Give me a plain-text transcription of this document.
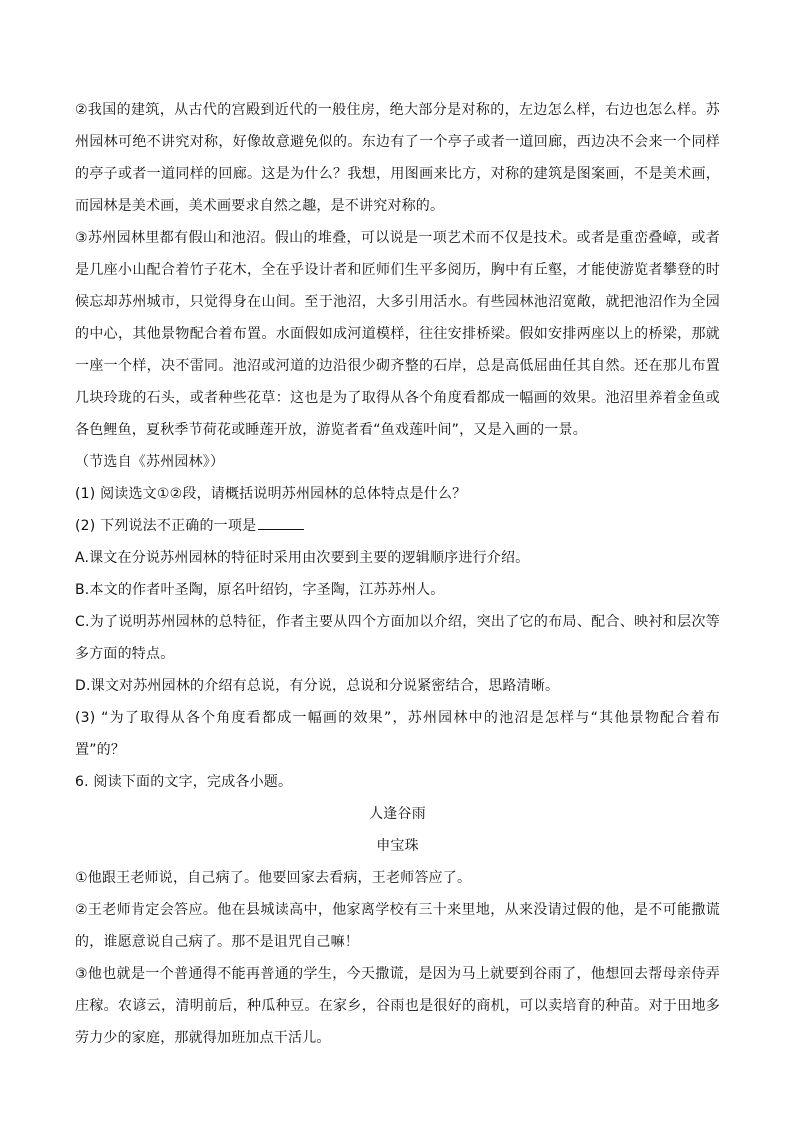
②我国的建筑，从古代的宫殿到近代的一般住房，绝大部分是对称的，左边怎么样，右边也怎么样。苏州园林可绝不讲究对称，好像故意避免似的。东边有了一个亭子或者一道回廊，西边决不会来一个同样的亭子或者一道同样的回廊。这是为什么？我想，用图画来比方，对称的建筑是图案画，不是美术画，而园林是美术画，美术画要求自然之趣，是不讲究对称的。

③苏州园林里都有假山和池沼。假山的堆叠，可以说是一项艺术而不仅是技术。或者是重峦叠嶂，或者是几座小山配合着竹子花木，全在乎设计者和匠师们生平多阅历，胸中有丘壑，才能使游览者攀登的时候忘却苏州城市，只觉得身在山间。至于池沼，大多引用活水。有些园林池沼宽敞，就把池沼作为全园的中心，其他景物配合着布置。水面假如成河道模样，往往安排桥梁。假如安排两座以上的桥梁，那就一座一个样，决不雷同。池沼或河道的边沿很少砌齐整的石岸，总是高低屈曲任其自然。还在那儿布置几块玲珑的石头，或者种些花草：这也是为了取得从各个角度看都成一幅画的效果。池沼里养着金鱼或各色鲤鱼，夏秋季节荷花或睡莲开放，游览者看“鱼戏莲叶间”，又是入画的一景。

（节选自《苏州园林》）

(1) 阅读选文①②段，请概括说明苏州园林的总体特点是什么？

(2) 下列说法不正确的一项是

A.课文在分说苏州园林的特征时采用由次要到主要的逻辑顺序进行介绍。

B.本文的作者叶圣陶，原名叶绍钧，字圣陶，江苏苏州人。

C.为了说明苏州园林的总特征，作者主要从四个方面加以介绍，突出了它的布局、配合、映衬和层次等多方面的特点。

D.课文对苏州园林的介绍有总说，有分说，总说和分说紧密结合，思路清晰。

(3) “为了取得从各个角度看都成一幅画的效果”，苏州园林中的池沼是怎样与“其他景物配合着布置”的？

6. 阅读下面的文字，完成各小题。

人逢谷雨

申宝珠

①他跟王老师说，自己病了。他要回家去看病，王老师答应了。

②王老师肯定会答应。他在县城读高中，他家离学校有三十来里地，从来没请过假的他，是不可能撒谎的，谁愿意说自己病了。那不是诅咒自己嘛！

③他也就是一个普通得不能再普通的学生，今天撒谎，是因为马上就要到谷雨了，他想回去帮母亲侍弄庄稼。农谚云，清明前后，种瓜种豆。在家乡，谷雨也是很好的商机，可以卖培育的种苗。对于田地多劳力少的家庭，那就得加班加点干活儿。
